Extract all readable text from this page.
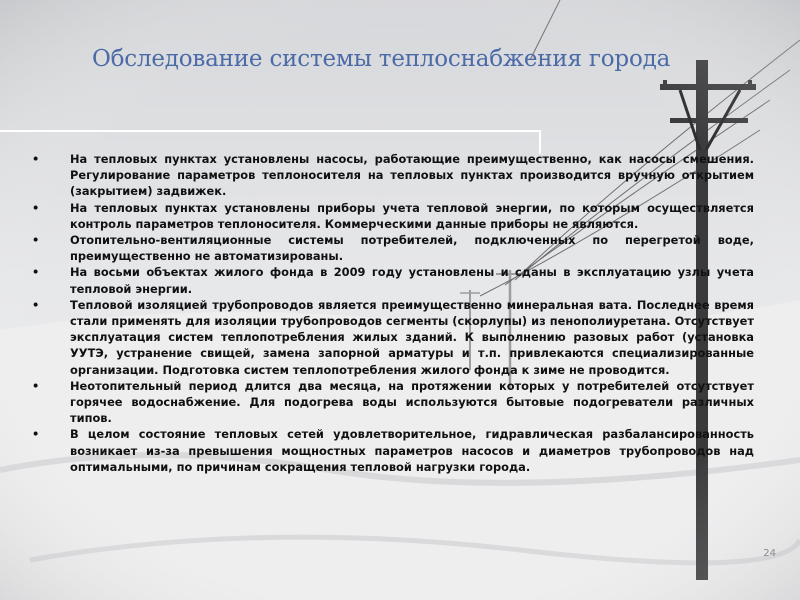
Обследование системы теплоснабжения города
•	На тепловых пунктах установлены насосы, работающие преимущественно, как насосы смешения. Регулирование параметров теплоносителя на тепловых пунктах производится вручную открытием (закрытием) задвижек.
•	На тепловых пунктах установлены приборы учета тепловой энергии, по которым осуществляется контроль параметров теплоносителя. Коммерческими данные приборы не являются.
•	Отопительно-вентиляционные системы потребителей, подключенных по перегретой воде, преимущественно не автоматизированы.
•	На восьми объектах жилого фонда в 2009 году установлены и сданы в эксплуатацию узлы учета тепловой энергии.
•	Тепловой изоляцией трубопроводов является преимущественно минеральная вата. Последнее время стали применять для изоляции трубопроводов сегменты (скорлупы) из пенополиуретана. Отсутствует эксплуатация систем теплопотребления жилых зданий. К выполнению разовых работ (установка УУТЭ, устранение свищей, замена запорной арматуры и т.п. привлекаются специализированные организации. Подготовка систем теплопотребления жилого фонда к зиме не проводится.
•	Неотопительный период длится два месяца, на протяжении которых у потребителей отсутствует горячее водоснабжение. Для подогрева воды используются бытовые подогреватели различных типов.
•	В целом состояние тепловых сетей удовлетворительное, гидравлическая разбалансированность возникает из-за превышения мощностных параметров насосов и диаметров трубопроводов над оптимальными, по причинам сокращения тепловой нагрузки города.
24
